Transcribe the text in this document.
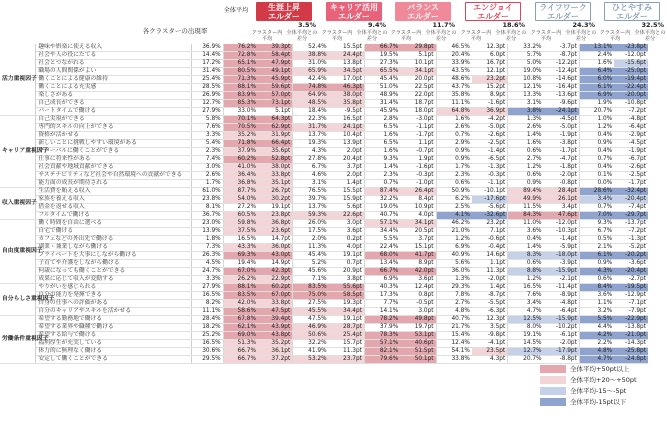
各クラスターの出現率
全体平均	生涯上昇
エルダー
3.5%
クラスター内平均
全体平均との差分
キャリア活用
エルダー
9.4%
クラスター内平均
全体平均との差分
バランス
エルダー
11.7%
クラスター内平均
全体平均との差分
エンジョイ
エルダー
18.6%
クラスター内平均
全体平均との差分
ライフワーク
エルダー
24.3%
クラスター内平均
全体平均との差分
ひとやすみ
エルダー
32.5%
クラスター内平均
全体平均との差分
活力重視因子	趣味や娯楽に使える収入	36.9%	76.2%	39.3pt	52.4%	15.5pt	66.7%	29.8pt	46.5%	12.3pt	33.2%	-3.7pt	13.1%	-23.8pt
	社会や人の役にたてる	14.4%	72.8%	58.4pt	38.8%	24.4pt	19.5%	5.1pt	20.4%	6.0pt	5.7%	-8.7pt	2.4%	-12.0pt
	社会とつながれる	17.2%	65.1%	47.9pt	31.0%	13.8pt	27.3%	10.1pt	33.9%	16.7pt	5.0%	-12.2pt	1.6%	-15.6pt
	職場の人間関係がよい	31.4%	80.5%	49.1pt	65.9%	34.5pt	65.5%	34.1pt	43.5%	12.1pt	19.0%	-12.4pt	6.4%	-25.0pt
	働くことによる健康の維持	25.4%	71.3%	45.9pt	42.4%	17.0pt	45.4%	20.0pt	48.6%	23.2pt	10.8%	-14.6pt	6.0%	-19.4pt
	働くことによる充実感	28.5%	88.1%	59.6pt	74.8%	46.3pt	51.0%	22.5pt	43.7%	15.2pt	12.1%	-16.4pt	6.1%	-22.4pt
	楽しさがある	26.9%	83.9%	57.0pt	64.9%	38.0pt	48.9%	22.0pt	35.8%	8.9pt	13.3%	-13.6pt	6.9%	-20.0pt
	自己成長ができる	12.7%	85.3%	73.1pt	48.5%	35.8pt	31.4%	18.7pt	11.1%	-1.6pt	3.1%	-9.6pt	1.9%	-10.8pt
	パートタイムで働ける	27.9%	33.0%	5.1pt	18.4%	-9.5pt	45.9%	18.0pt	64.8%	36.9pt	3.8%	-24.1pt	20.7%	-7.2pt
キャリア重視因子	自己実現ができる	5.8%	70.1%	64.3pt	22.3%	16.5pt	2.8%	-3.0pt	1.6%	-4.2pt	1.3%	-4.5pt	1.0%	-4.8pt
	専門的スキルの向上ができる	7.6%	70.5%	62.9pt	31.7%	24.1pt	6.5%	-1.1pt	2.6%	-5.0pt	2.6%	-5.0pt	1.2%	-6.4pt
	資格が活かせる	3.3%	35.2%	31.9pt	13.7%	10.4pt	1.6%	-1.7pt	0.7%	-2.6pt	1.4%	-1.9pt	0.4%	-2.9pt
	新しいことに挑戦しやすい環境がある	5.4%	71.8%	66.4pt	19.3%	13.9pt	6.5%	1.1pt	2.9%	-2.5pt	1.6%	-3.8pt	0.9%	-4.5pt
	グローバルに働くことができる	2.3%	37.9%	35.6pt	4.3%	2.0pt	1.6%	-0.7pt	0.9%	-1.4pt	0.6%	-1.7pt	0.4%	-1.9pt
	仕事に将来性がある	7.4%	60.2%	52.8pt	27.8%	20.4pt	9.3%	1.9pt	0.9%	-6.5pt	2.7%	-4.7pt	0.7%	-6.7pt
	社会貢献や地域貢献ができる	3.0%	41.0%	38.0pt	6.7%	3.7pt	1.4%	-1.6pt	1.7%	-1.3pt	1.2%	-1.8pt	0.4%	-2.6pt
	サステナビリティなど社会や自然環境への貢献ができる	2.6%	36.4%	33.8pt	4.6%	2.0pt	2.3%	-0.3pt	2.3%	-0.3pt	0.6%	-2.0pt	0.1%	-2.5pt
	能力面の成長が期待される	1.7%	36.8%	35.1pt	3.1%	1.4pt	0.7%	-1.0pt	0.6%	-1.1pt	0.9%	-0.8pt	0.0%	-1.7pt
収入重視因子	生活費を賄える収入	61.0%	87.7%	26.7pt	76.5%	15.5pt	87.4%	26.4pt	50.9%	-10.1pt	89.4%	28.4pt	28.6%	-32.4pt
	家族を養える収入	23.8%	54.0%	30.2pt	39.7%	15.9pt	32.2%	8.4pt	6.2%	-17.6pt	49.9%	26.1pt	3.4%	-20.4pt
	借金を返せる収入	8.1%	27.2%	19.1pt	13.7%	5.6pt	19.0%	10.9pt	2.5%	-5.6pt	11.5%	3.4pt	0.7%	-7.4pt
	フルタイムで働ける	36.7%	60.5%	23.8pt	59.3%	22.6pt	40.7%	4.0pt	4.1%	-32.6pt	84.3%	47.6pt	7.0%	-29.7pt
自由度重視因子	働く時間を自由に選べる	23.0%	59.8%	36.8pt	26.0%	3.0pt	57.1%	34.1pt	46.2%	23.2pt	11.0%	-12.0pt	9.3%	-13.7pt
	自宅で働ける	13.9%	37.5%	23.6pt	17.5%	3.6pt	34.4%	20.5pt	21.0%	7.1pt	3.6%	-10.3pt	6.7%	-7.2pt
	カフェなどの外出先で働ける	1.8%	16.5%	14.7pt	2.0%	0.2pt	5.5%	3.7pt	1.2%	-0.6pt	0.4%	-1.4pt	0.5%	-1.3pt
	副業・兼業しながら働ける	7.3%	43.3%	36.0pt	11.3%	4.0pt	22.4%	15.1pt	6.9%	-0.4pt	1.4%	-5.9pt	2.1%	-5.2pt
	プライベートを大事にしながら働ける	26.3%	69.3%	43.0pt	45.4%	19.1pt	68.0%	41.7pt	40.9%	14.6pt	8.3%	-18.0pt	6.1%	-20.2pt
	子育てや介護をしながら働ける	4.5%	19.4%	14.9pt	5.2%	0.7pt	13.4%	8.9pt	5.6%	1.1pt	0.6%	-3.9pt	0.9%	-3.6pt
	何歳になっても働くことができる	24.7%	67.0%	42.3pt	45.6%	20.9pt	66.7%	42.0pt	36.0%	11.3pt	8.8%	-15.9pt	4.3%	-20.4pt
	成果に応じて収入が変動する	3.3%	26.2%	22.9pt	7.1%	3.8pt	6.9%	3.6pt	1.3%	-2.0pt	1.2%	-2.1pt	0.6%	-2.7pt
自分らしさ重視因子	やりがいを感じられる	27.9%	88.1%	60.2pt	83.5%	55.6pt	40.3%	12.4pt	29.3%	1.4pt	16.5%	-11.4pt	8.4%	-19.5pt
	自分の能力を発揮できる	16.5%	83.5%	67.0pt	75.0%	58.5pt	17.3%	0.8pt	7.8%	-8.7pt	7.6%	-8.9pt	3.6%	-12.9pt
	自身の仕事への評価がある	8.2%	42.0%	33.8pt	27.5%	19.3pt	7.7%	-0.5pt	2.7%	-5.5pt	3.4%	-4.8pt	1.1%	-7.1pt
	自分のキャリアやスキルを活かせる	11.1%	58.6%	47.5pt	45.5%	34.4pt	14.1%	3.0pt	4.8%	-6.3pt	4.7%	-6.4pt	3.2%	-7.9pt
労働条件重視因子	希望する勤務地で働ける	28.4%	67.8%	39.4pt	47.5%	19.1pt	78.2%	49.8pt	40.7%	12.3pt	12.5%	-15.9pt	5.5%	-22.9pt
	希望する業界や職種で働ける	18.2%	62.1%	43.9pt	46.9%	28.7pt	37.9%	19.7pt	21.7%	3.5pt	8.0%	-10.2pt	4.4%	-13.8pt
	希望する給与で働ける	25.2%	69.0%	43.8pt	50.6%	25.4pt	78.3%	53.1pt	15.4%	-9.8pt	19.1%	-6.1pt	4.2%	-21.0pt
	福利厚生が充実している	16.5%	51.3%	35.2pt	32.2%	15.7pt	57.1%	40.6pt	12.4%	-4.1pt	14.5%	-2.0pt	2.2%	-14.3pt
	体力的に無理なく働ける	30.6%	66.7%	36.1pt	41.9%	11.3pt	82.1%	51.5pt	54.1%	23.5pt	12.7%	-17.9pt	4.8%	-25.8pt
	安定して働くことができる	29.5%	66.7%	37.2pt	53.2%	23.7pt	79.6%	50.1pt	33.8%	4.3pt	20.7%	-8.8pt	4.7%	-24.8pt
全体平均+50pt以上
全体平均+20～+50pt
全体平均-15～-5pt
全体平均-15pt以下
